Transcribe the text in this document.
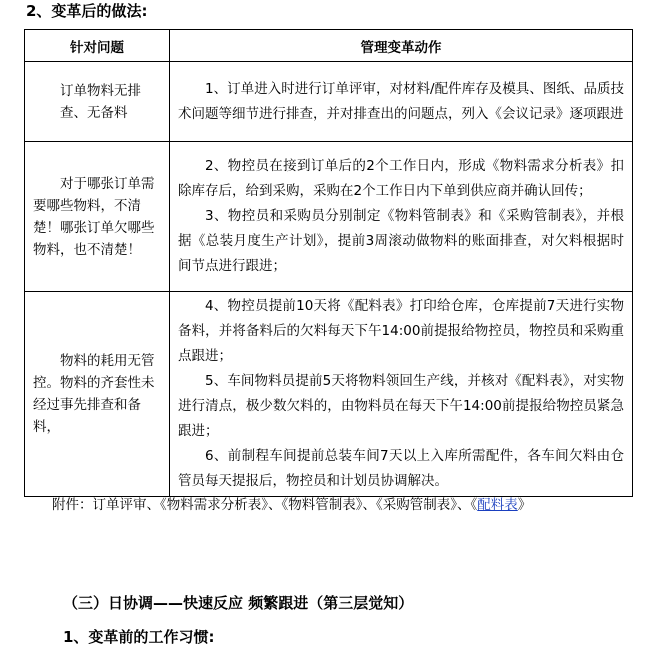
2、变革后的做法:
针对问题	管理变革动作

订单物料无排查、无备料	1、订单进入时进行订单评审，对材料/配件库存及模具、图纸、品质技术问题等细节进行排查，并对排查出的问题点，列入《会议记录》逐项跟进

对于哪张订单需要哪些物料，不清楚！哪张订单欠哪些物料，也不清楚！	2、物控员在接到订单后的2个工作日内，形成《物料需求分析表》扣除库存后，给到采购，采购在2个工作日内下单到供应商并确认回传；

3、物控员和采购员分别制定《物料管制表》和《采购管制表》，并根据《总装月度生产计划》，提前3周滚动做物料的账面排查，对欠料根据时间节点进行跟进；

物料的耗用无管控。物料的齐套性未经过事先排查和备料，	4、物控员提前10天将《配料表》打印给仓库，仓库提前7天进行实物备料，并将备料后的欠料每天下午14:00前提报给物控员，物控员和采购重点跟进；

5、车间物料员提前5天将物料领回生产线，并核对《配料表》，对实物进行清点，极少数欠料的，由物料员在每天下午14:00前提报给物控员紧急跟进；

6、前制程车间提前总装车间7天以上入库所需配件，各车间欠料由仓管员每天提报后，物控员和计划员协调解决。

附件：订单评审、《物料需求分析表》、《物料管制表》、《采购管制表》、《配料表》
（三）日协调——快速反应 频繁跟进（第三层觉知）
1、变革前的工作习惯:
